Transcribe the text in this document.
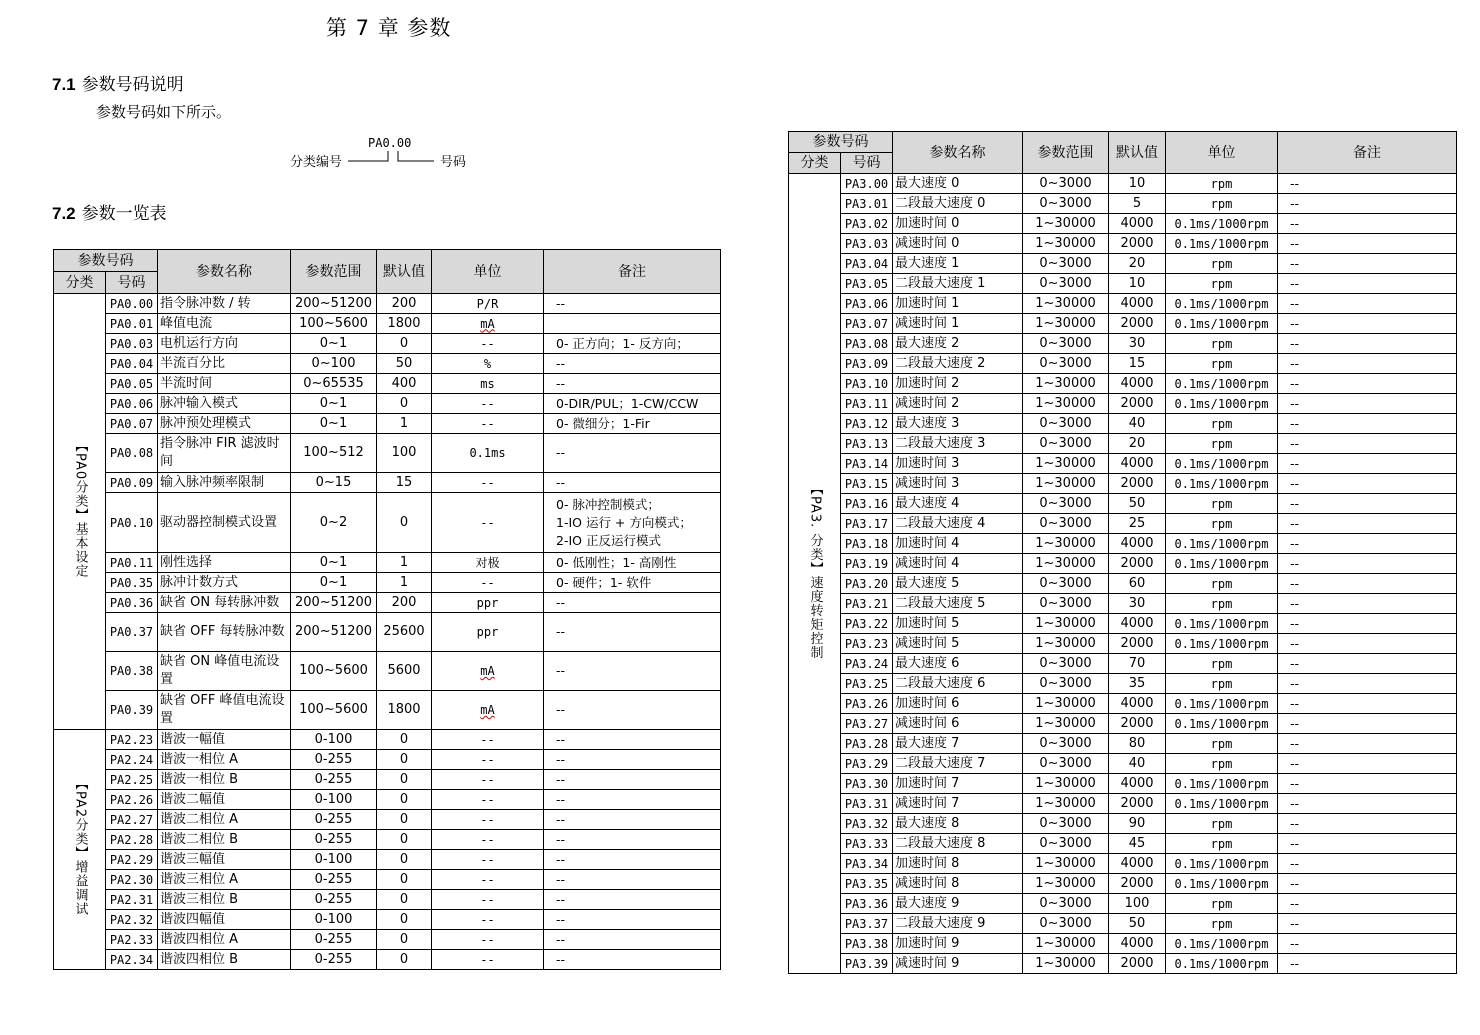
第 7 章 参数
7.1 参数号码说明
参数号码如下所示。
PA0.00
分类编号	号码
7.2 参数一览表
参数号码		参数名称	参数范围	默认值	单位	备注
分类	号码					
【PA0分类】基本设定	PA0.00	指令脉冲数 / 转	200~51200	200	P/R	--
	PA0.01	峰值电流	100~5600	1800	mA	
	PA0.03	电机运行方向	0~1	0	--	0- 正方向；1- 反方向；
	PA0.04	半流百分比	0~100	50	%	--
	PA0.05	半流时间	0~65535	400	ms	--
	PA0.06	脉冲输入模式	0~1	0	--	0-DIR/PUL；1-CW/CCW
	PA0.07	脉冲预处理模式	0~1	1	--	0- 微细分；1-Fir
	PA0.08	指令脉冲 FIR 滤波时间	100~512	100	0.1ms	--
	PA0.09	输入脉冲频率限制	0~15	15	--	--
	PA0.10	驱动器控制模式设置	0~2	0	--	0- 脉冲控制模式；
1-IO 运行 + 方向模式；
2-IO 正反运行模式
	PA0.11	刚性选择	0~1	1	对极	0- 低刚性；1- 高刚性
	PA0.35	脉冲计数方式	0~1	1	--	0- 硬件；1- 软件
	PA0.36	缺省 ON 每转脉冲数	200~51200	200	ppr	--
	PA0.37	缺省 OFF 每转脉冲数	200~51200	25600	ppr	--
	PA0.38	缺省 ON 峰值电流设置	100~5600	5600	mA	--
	PA0.39	缺省 OFF 峰值电流设置	100~5600	1800	mA	--
【PA2分类】增益调试	PA2.23	谐波一幅值	0-100	0	--	--
	PA2.24	谐波一相位 A	0-255	0	--	--
	PA2.25	谐波一相位 B	0-255	0	--	--
	PA2.26	谐波二幅值	0-100	0	--	--
	PA2.27	谐波二相位 A	0-255	0	--	--
	PA2.28	谐波二相位 B	0-255	0	--	--
	PA2.29	谐波三幅值	0-100	0	--	--
	PA2.30	谐波三相位 A	0-255	0	--	--
	PA2.31	谐波三相位 B	0-255	0	--	--
	PA2.32	谐波四幅值	0-100	0	--	--
	PA2.33	谐波四相位 A	0-255	0	--	--
	PA2.34	谐波四相位 B	0-255	0	--	--
参数号码		参数名称	参数范围	默认值	单位	备注
分类	号码					
【PA3. 分类】速度转矩控制	PA3.00	最大速度 0	0~3000	10	rpm	--
	PA3.01	二段最大速度 0	0~3000	5	rpm	--
	PA3.02	加速时间 0	1~30000	4000	0.1ms/1000rpm	--
	PA3.03	减速时间 0	1~30000	2000	0.1ms/1000rpm	--
	PA3.04	最大速度 1	0~3000	20	rpm	--
	PA3.05	二段最大速度 1	0~3000	10	rpm	--
	PA3.06	加速时间 1	1~30000	4000	0.1ms/1000rpm	--
	PA3.07	减速时间 1	1~30000	2000	0.1ms/1000rpm	--
	PA3.08	最大速度 2	0~3000	30	rpm	--
	PA3.09	二段最大速度 2	0~3000	15	rpm	--
	PA3.10	加速时间 2	1~30000	4000	0.1ms/1000rpm	--
	PA3.11	减速时间 2	1~30000	2000	0.1ms/1000rpm	--
	PA3.12	最大速度 3	0~3000	40	rpm	--
	PA3.13	二段最大速度 3	0~3000	20	rpm	--
	PA3.14	加速时间 3	1~30000	4000	0.1ms/1000rpm	--
	PA3.15	减速时间 3	1~30000	2000	0.1ms/1000rpm	--
	PA3.16	最大速度 4	0~3000	50	rpm	--
	PA3.17	二段最大速度 4	0~3000	25	rpm	--
	PA3.18	加速时间 4	1~30000	4000	0.1ms/1000rpm	--
	PA3.19	减速时间 4	1~30000	2000	0.1ms/1000rpm	--
	PA3.20	最大速度 5	0~3000	60	rpm	--
	PA3.21	二段最大速度 5	0~3000	30	rpm	--
	PA3.22	加速时间 5	1~30000	4000	0.1ms/1000rpm	--
	PA3.23	减速时间 5	1~30000	2000	0.1ms/1000rpm	--
	PA3.24	最大速度 6	0~3000	70	rpm	--
	PA3.25	二段最大速度 6	0~3000	35	rpm	--
	PA3.26	加速时间 6	1~30000	4000	0.1ms/1000rpm	--
	PA3.27	减速时间 6	1~30000	2000	0.1ms/1000rpm	--
	PA3.28	最大速度 7	0~3000	80	rpm	--
	PA3.29	二段最大速度 7	0~3000	40	rpm	--
	PA3.30	加速时间 7	1~30000	4000	0.1ms/1000rpm	--
	PA3.31	减速时间 7	1~30000	2000	0.1ms/1000rpm	--
	PA3.32	最大速度 8	0~3000	90	rpm	--
	PA3.33	二段最大速度 8	0~3000	45	rpm	--
	PA3.34	加速时间 8	1~30000	4000	0.1ms/1000rpm	--
	PA3.35	减速时间 8	1~30000	2000	0.1ms/1000rpm	--
	PA3.36	最大速度 9	0~3000	100	rpm	--
	PA3.37	二段最大速度 9	0~3000	50	rpm	--
	PA3.38	加速时间 9	1~30000	4000	0.1ms/1000rpm	--
	PA3.39	减速时间 9	1~30000	2000	0.1ms/1000rpm	--
